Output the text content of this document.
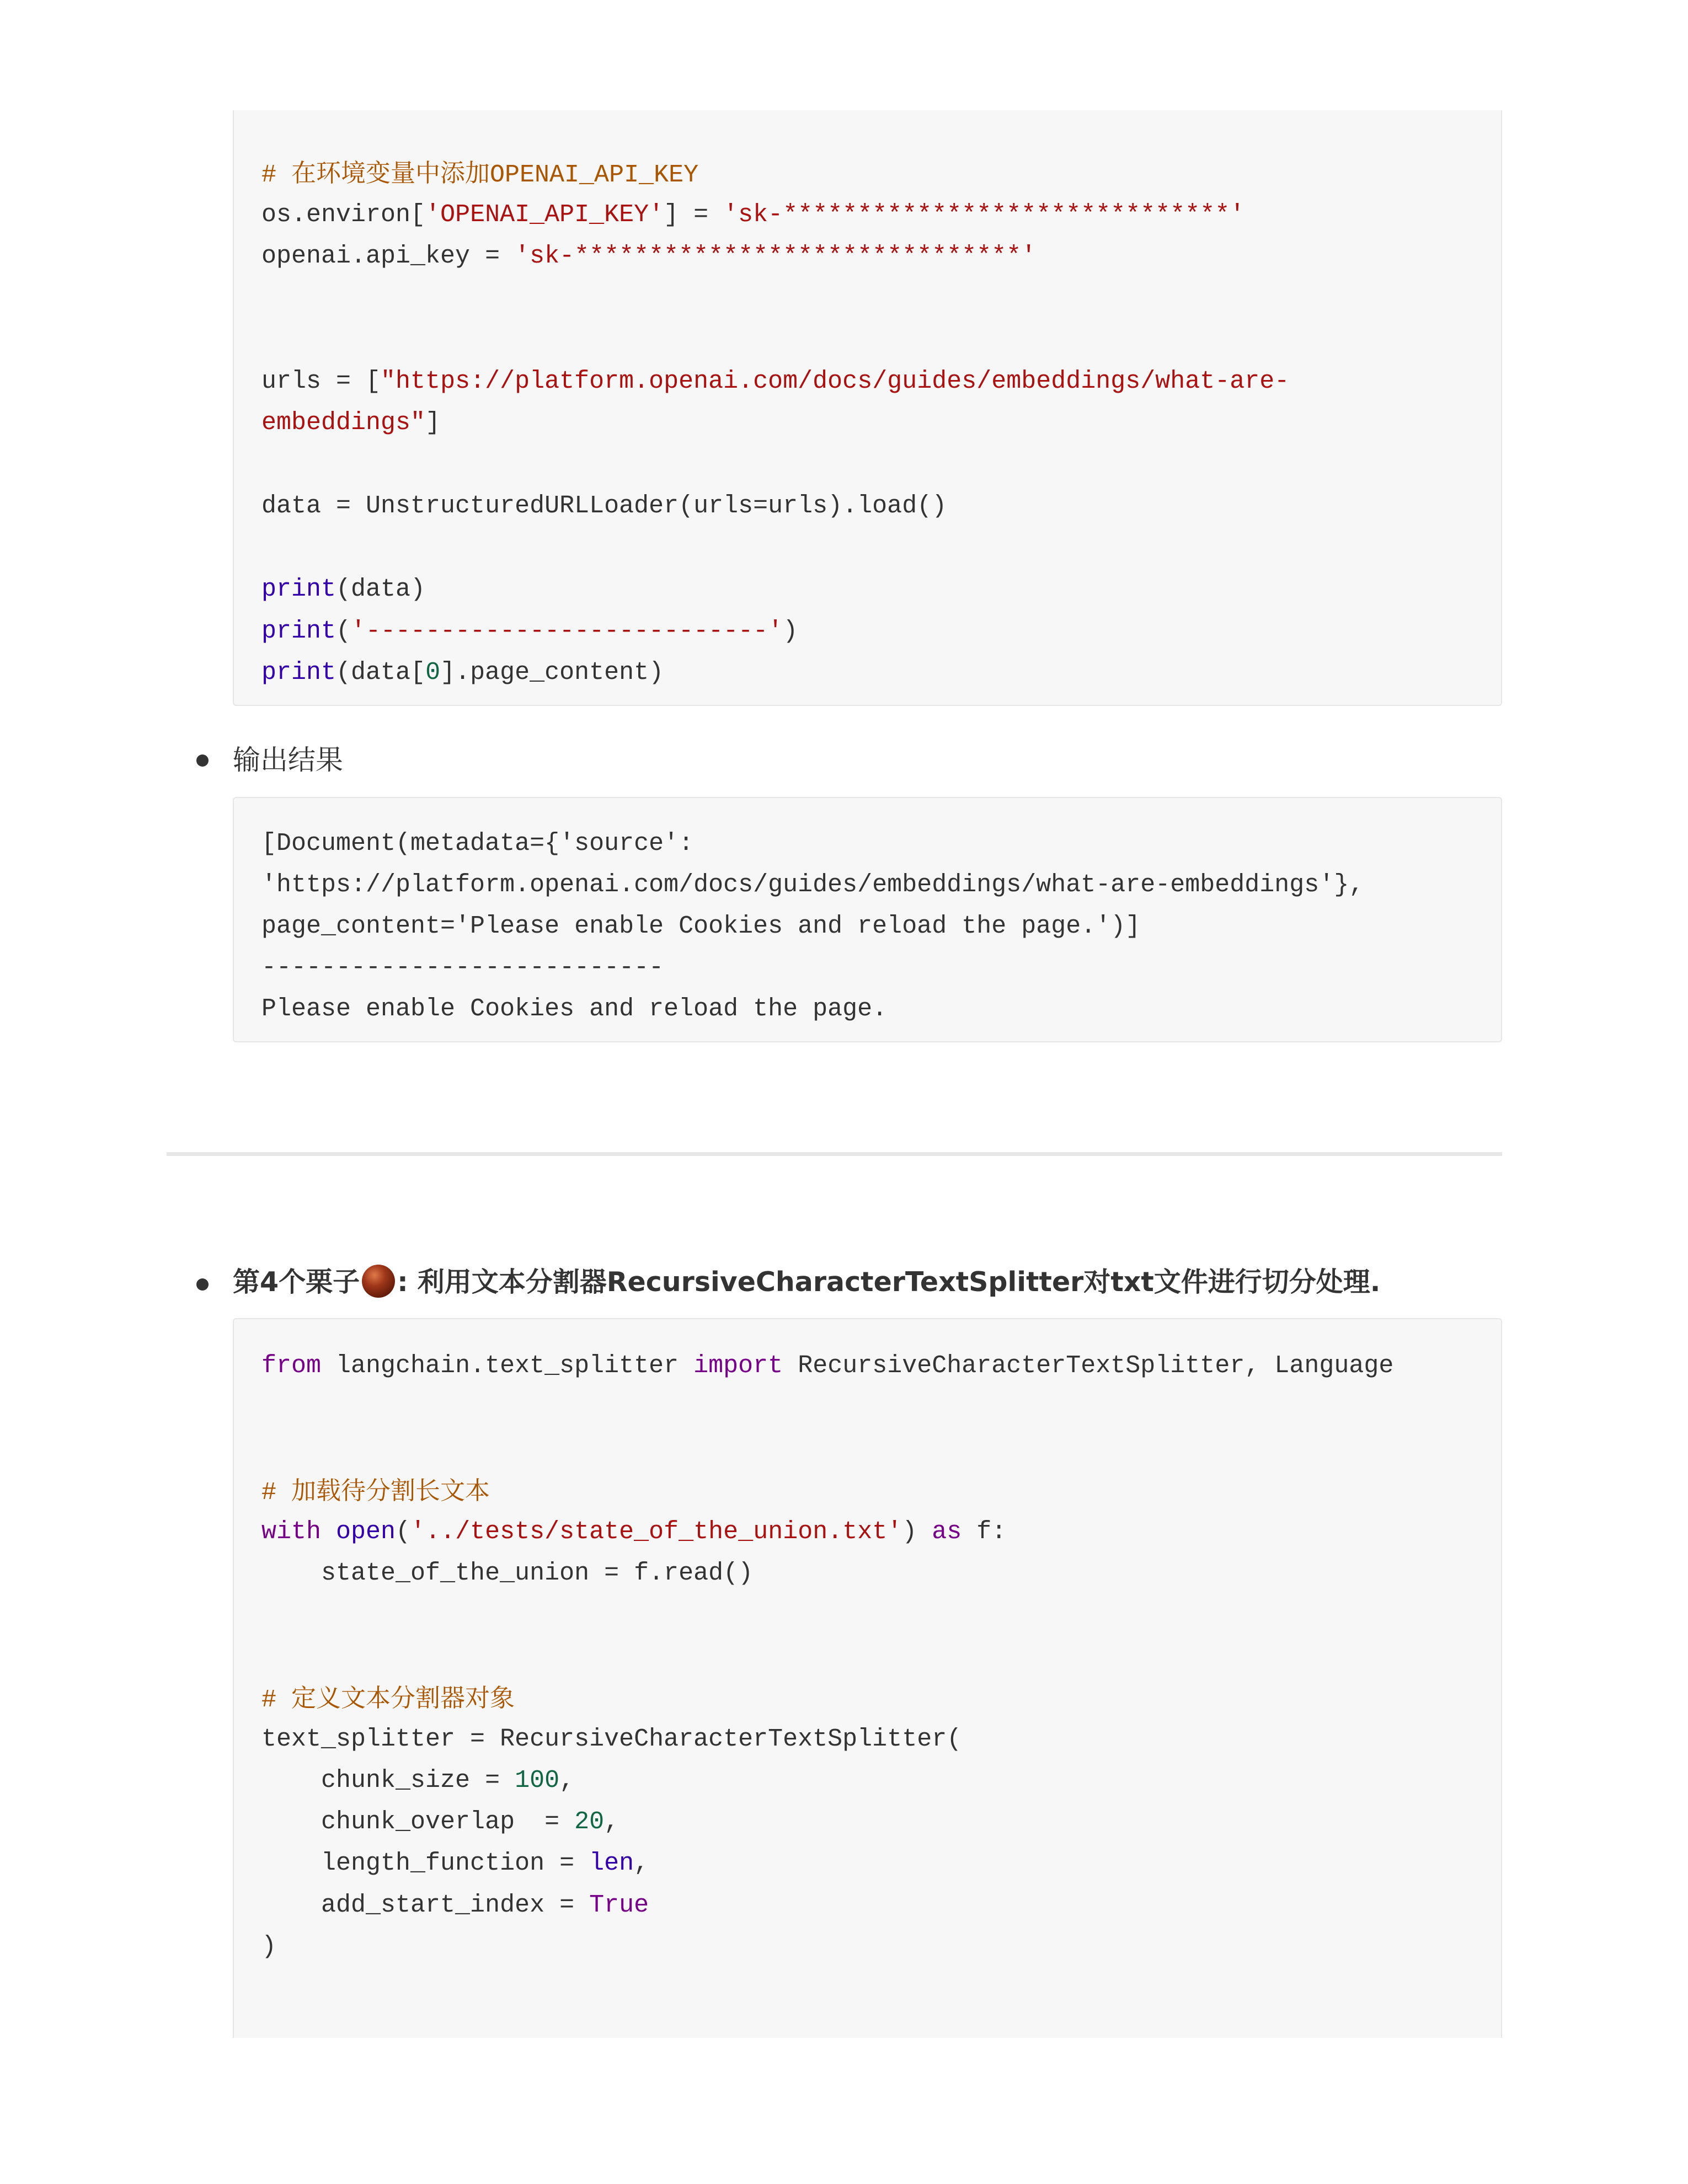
# 在环境变量中添加OPENAI_API_KEY
os.environ['OPENAI_API_KEY'] = 'sk-******************************'
openai.api_key = 'sk-******************************'
urls = ["https://platform.openai.com/docs/guides/embeddings/what-are-
embeddings"]
data = UnstructuredURLLoader(urls=urls).load()
print(data)
print('---------------------------')
print(data[0].page_content)
输出结果
[Document(metadata={'source':
'https://platform.openai.com/docs/guides/embeddings/what-are-embeddings'},
page_content='Please enable Cookies and reload the page.')]
---------------------------
Please enable Cookies and reload the page.
第4个栗子 : 利用文本分割器RecursiveCharacterTextSplitter对txt文件进行切分处理.
from langchain.text_splitter import RecursiveCharacterTextSplitter, Language
# 加载待分割长文本
with open('../tests/state_of_the_union.txt') as f:
state_of_the_union = f.read()
# 定义文本分割器对象
text_splitter = RecursiveCharacterTextSplitter(
chunk_size = 100,
chunk_overlap  = 20,
length_function = len,
add_start_index = True
)
